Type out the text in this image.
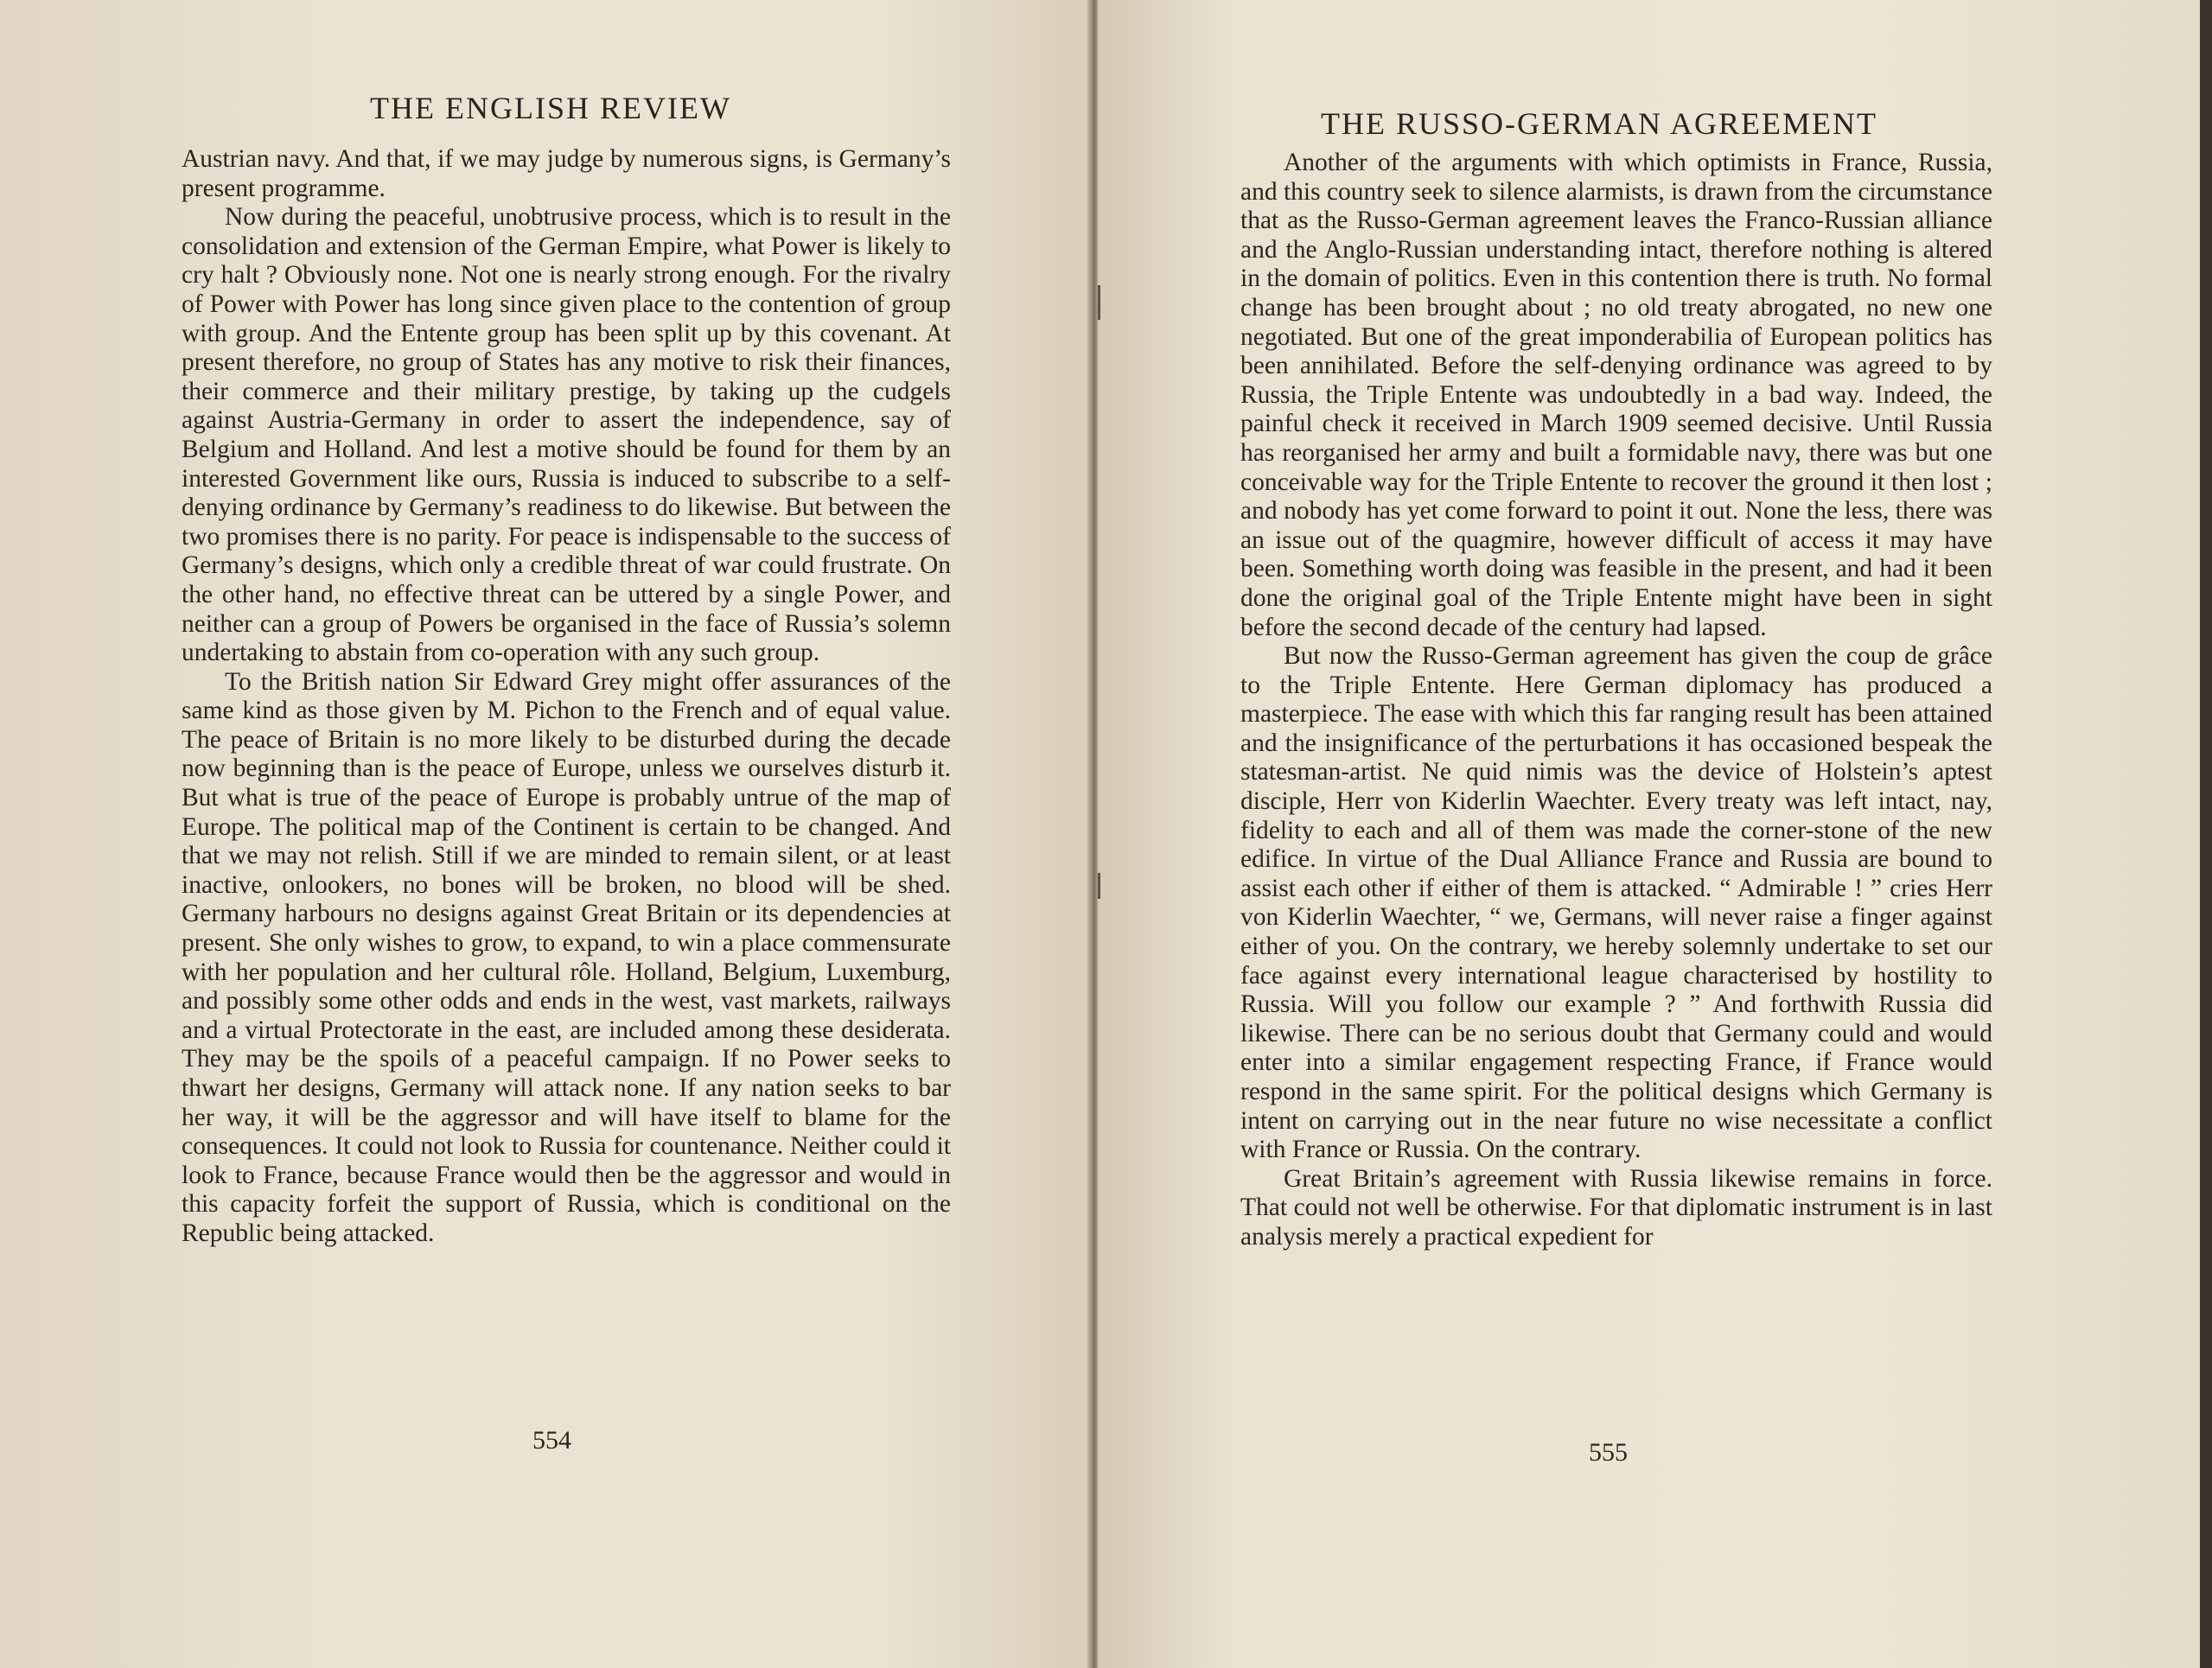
THE ENGLISH REVIEW

Austrian navy. And that, if we may judge by numerous signs, is Germany’s present programme.

Now during the peaceful, unobtrusive process, which is to result in the consolidation and extension of the German Empire, what Power is likely to cry halt ? Obviously none. Not one is nearly strong enough. For the rivalry of Power with Power has long since given place to the contention of group with group. And the Entente group has been split up by this covenant. At present therefore, no group of States has any motive to risk their finances, their commerce and their military prestige, by taking up the cudgels against Austria-Germany in order to assert the independence, say of Belgium and Holland. And lest a motive should be found for them by an interested Government like ours, Russia is induced to subscribe to a self-denying ordinance by Germany’s readiness to do likewise. But between the two promises there is no parity. For peace is indispensable to the success of Germany’s designs, which only a credible threat of war could frustrate. On the other hand, no effective threat can be uttered by a single Power, and neither can a group of Powers be organised in the face of Russia’s solemn undertaking to abstain from co-operation with any such group.

To the British nation Sir Edward Grey might offer assurances of the same kind as those given by M. Pichon to the French and of equal value. The peace of Britain is no more likely to be disturbed during the decade now beginning than is the peace of Europe, unless we ourselves disturb it. But what is true of the peace of Europe is probably untrue of the map of Europe. The political map of the Continent is certain to be changed. And that we may not relish. Still if we are minded to remain silent, or at least inactive, onlookers, no bones will be broken, no blood will be shed. Germany harbours no designs against Great Britain or its dependencies at present. She only wishes to grow, to expand, to win a place commensurate with her population and her cultural rôle. Holland, Belgium, Luxemburg, and possibly some other odds and ends in the west, vast markets, railways and a virtual Protectorate in the east, are included among these desiderata. They may be the spoils of a peaceful campaign. If no Power seeks to thwart her designs, Germany will attack none. If any nation seeks to bar her way, it will be the aggressor and will have itself to blame for the consequences. It could not look to Russia for countenance. Neither could it look to France, because France would then be the aggressor and would in this capacity forfeit the support of Russia, which is conditional on the Republic being attacked.

554
THE RUSSO-GERMAN AGREEMENT

Another of the arguments with which optimists in France, Russia, and this country seek to silence alarmists, is drawn from the circumstance that as the Russo-German agreement leaves the Franco-Russian alliance and the Anglo-Russian understanding intact, therefore nothing is altered in the domain of politics. Even in this contention there is truth. No formal change has been brought about ; no old treaty abrogated, no new one negotiated. But one of the great imponderabilia of European politics has been annihilated. Before the self-denying ordinance was agreed to by Russia, the Triple Entente was undoubtedly in a bad way. Indeed, the painful check it received in March 1909 seemed decisive. Until Russia has reorganised her army and built a formidable navy, there was but one conceivable way for the Triple Entente to recover the ground it then lost ; and nobody has yet come forward to point it out. None the less, there was an issue out of the quagmire, however difficult of access it may have been. Something worth doing was feasible in the present, and had it been done the original goal of the Triple Entente might have been in sight before the second decade of the century had lapsed.

But now the Russo-German agreement has given the coup de grâce to the Triple Entente. Here German diplomacy has produced a masterpiece. The ease with which this far ranging result has been attained and the insignificance of the perturbations it has occasioned bespeak the statesman-artist. Ne quid nimis was the device of Holstein’s aptest disciple, Herr von Kiderlin Waechter. Every treaty was left intact, nay, fidelity to each and all of them was made the corner-stone of the new edifice. In virtue of the Dual Alliance France and Russia are bound to assist each other if either of them is attacked. “ Admirable ! ” cries Herr von Kiderlin Waechter, “ we, Germans, will never raise a finger against either of you. On the contrary, we hereby solemnly undertake to set our face against every international league characterised by hostility to Russia. Will you follow our example ? ” And forthwith Russia did likewise. There can be no serious doubt that Germany could and would enter into a similar engagement respecting France, if France would respond in the same spirit. For the political designs which Germany is intent on carrying out in the near future no wise necessitate a conflict with France or Russia. On the contrary.

Great Britain’s agreement with Russia likewise remains in force. That could not well be otherwise. For that diplomatic instrument is in last analysis merely a practical expedient for

555
